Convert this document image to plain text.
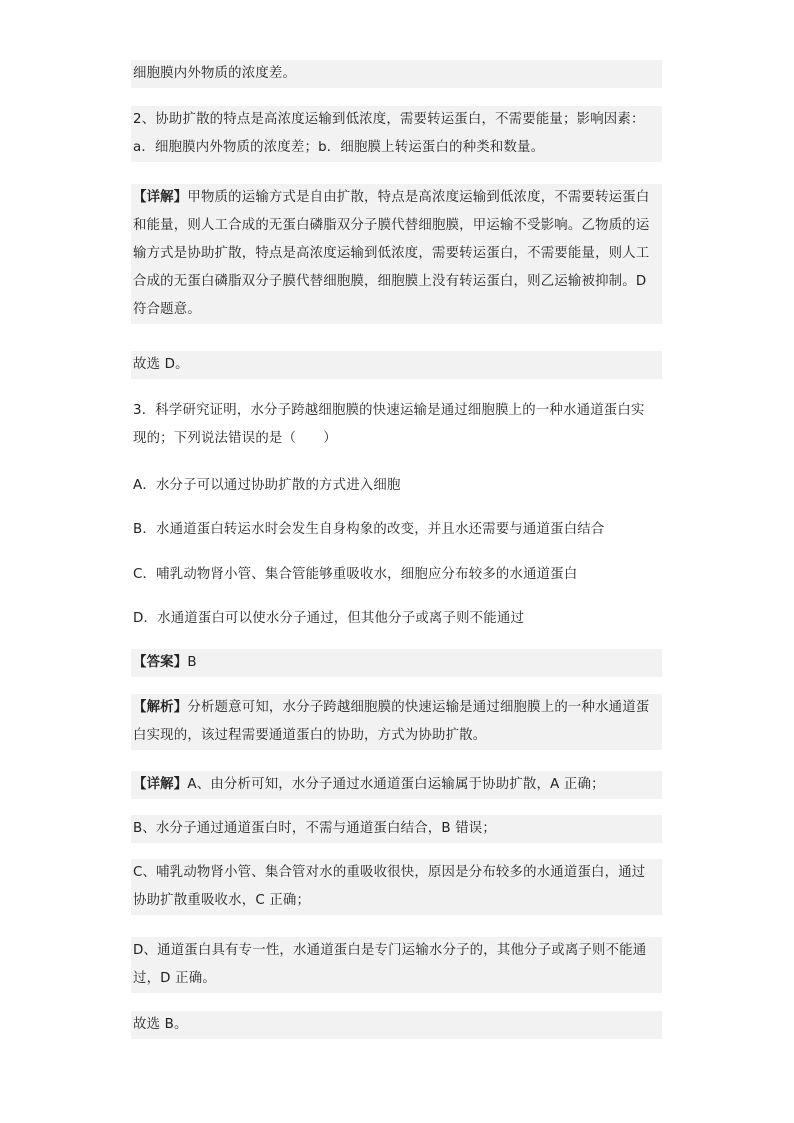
细胞膜内外物质的浓度差。
2、协助扩散的特点是高浓度运输到低浓度，需要转运蛋白，不需要能量；影响因素：
a．细胞膜内外物质的浓度差；b．细胞膜上转运蛋白的种类和数量。
【详解】甲物质的运输方式是自由扩散，特点是高浓度运输到低浓度，不需要转运蛋白
和能量，则人工合成的无蛋白磷脂双分子膜代替细胞膜，甲运输不受影响。乙物质的运
输方式是协助扩散，特点是高浓度运输到低浓度，需要转运蛋白，不需要能量，则人工
合成的无蛋白磷脂双分子膜代替细胞膜，细胞膜上没有转运蛋白，则乙运输被抑制。D
符合题意。
故选 D。
3．科学研究证明，水分子跨越细胞膜的快速运输是通过细胞膜上的一种水通道蛋白实
现的；下列说法错误的是（　　）
A．水分子可以通过协助扩散的方式进入细胞
B．水通道蛋白转运水时会发生自身构象的改变，并且水还需要与通道蛋白结合
C．哺乳动物肾小管、集合管能够重吸收水，细胞应分布较多的水通道蛋白
D．水通道蛋白可以使水分子通过，但其他分子或离子则不能通过
【答案】B
【解析】分析题意可知，水分子跨越细胞膜的快速运输是通过细胞膜上的一种水通道蛋
白实现的，该过程需要通道蛋白的协助，方式为协助扩散。
【详解】A、由分析可知，水分子通过水通道蛋白运输属于协助扩散，A 正确；
B、水分子通过通道蛋白时，不需与通道蛋白结合，B 错误；
C、哺乳动物肾小管、集合管对水的重吸收很快，原因是分布较多的水通道蛋白，通过
协助扩散重吸收水，C 正确；
D、通道蛋白具有专一性，水通道蛋白是专门运输水分子的，其他分子或离子则不能通
过，D 正确。
故选 B。
